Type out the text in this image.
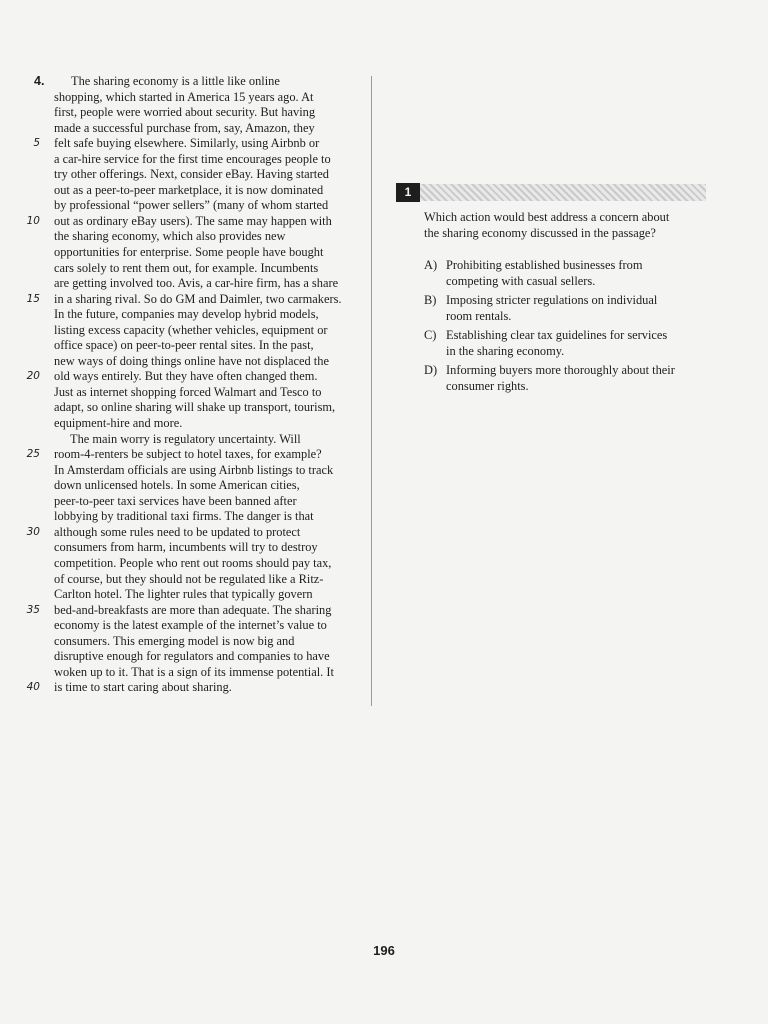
4. The sharing economy is a little like online
shopping, which started in America 15 years ago. At
first, people were worried about security. But having
made a successful purchase from, say, Amazon, they
5 felt safe buying elsewhere. Similarly, using Airbnb or
a car-hire service for the first time encourages people to
try other offerings. Next, consider eBay. Having started
out as a peer-to-peer marketplace, it is now dominated
by professional “power sellers” (many of whom started
10 out as ordinary eBay users). The same may happen with
the sharing economy, which also provides new
opportunities for enterprise. Some people have bought
cars solely to rent them out, for example. Incumbents
are getting involved too. Avis, a car-hire firm, has a share
15 in a sharing rival. So do GM and Daimler, two carmakers.
In the future, companies may develop hybrid models,
listing excess capacity (whether vehicles, equipment or
office space) on peer-to-peer rental sites. In the past,
new ways of doing things online have not displaced the
20 old ways entirely. But they have often changed them.
Just as internet shopping forced Walmart and Tesco to
adapt, so online sharing will shake up transport, tourism,
equipment-hire and more.
The main worry is regulatory uncertainty. Will
25 room-4-renters be subject to hotel taxes, for example?
In Amsterdam officials are using Airbnb listings to track
down unlicensed hotels. In some American cities,
peer-to-peer taxi services have been banned after
lobbying by traditional taxi firms. The danger is that
30 although some rules need to be updated to protect
consumers from harm, incumbents will try to destroy
competition. People who rent out rooms should pay tax,
of course, but they should not be regulated like a Ritz-
Carlton hotel. The lighter rules that typically govern
35 bed-and-breakfasts are more than adequate. The sharing
economy is the latest example of the internet’s value to
consumers. This emerging model is now big and
disruptive enough for regulators and companies to have
woken up to it. That is a sign of its immense potential. It
40 is time to start caring about sharing.
1
Which action would best address a concern about
the sharing economy discussed in the passage?
A) Prohibiting established businesses from
competing with casual sellers.
B) Imposing stricter regulations on individual
room rentals.
C) Establishing clear tax guidelines for services
in the sharing economy.
D) Informing buyers more thoroughly about their
consumer rights.
196
